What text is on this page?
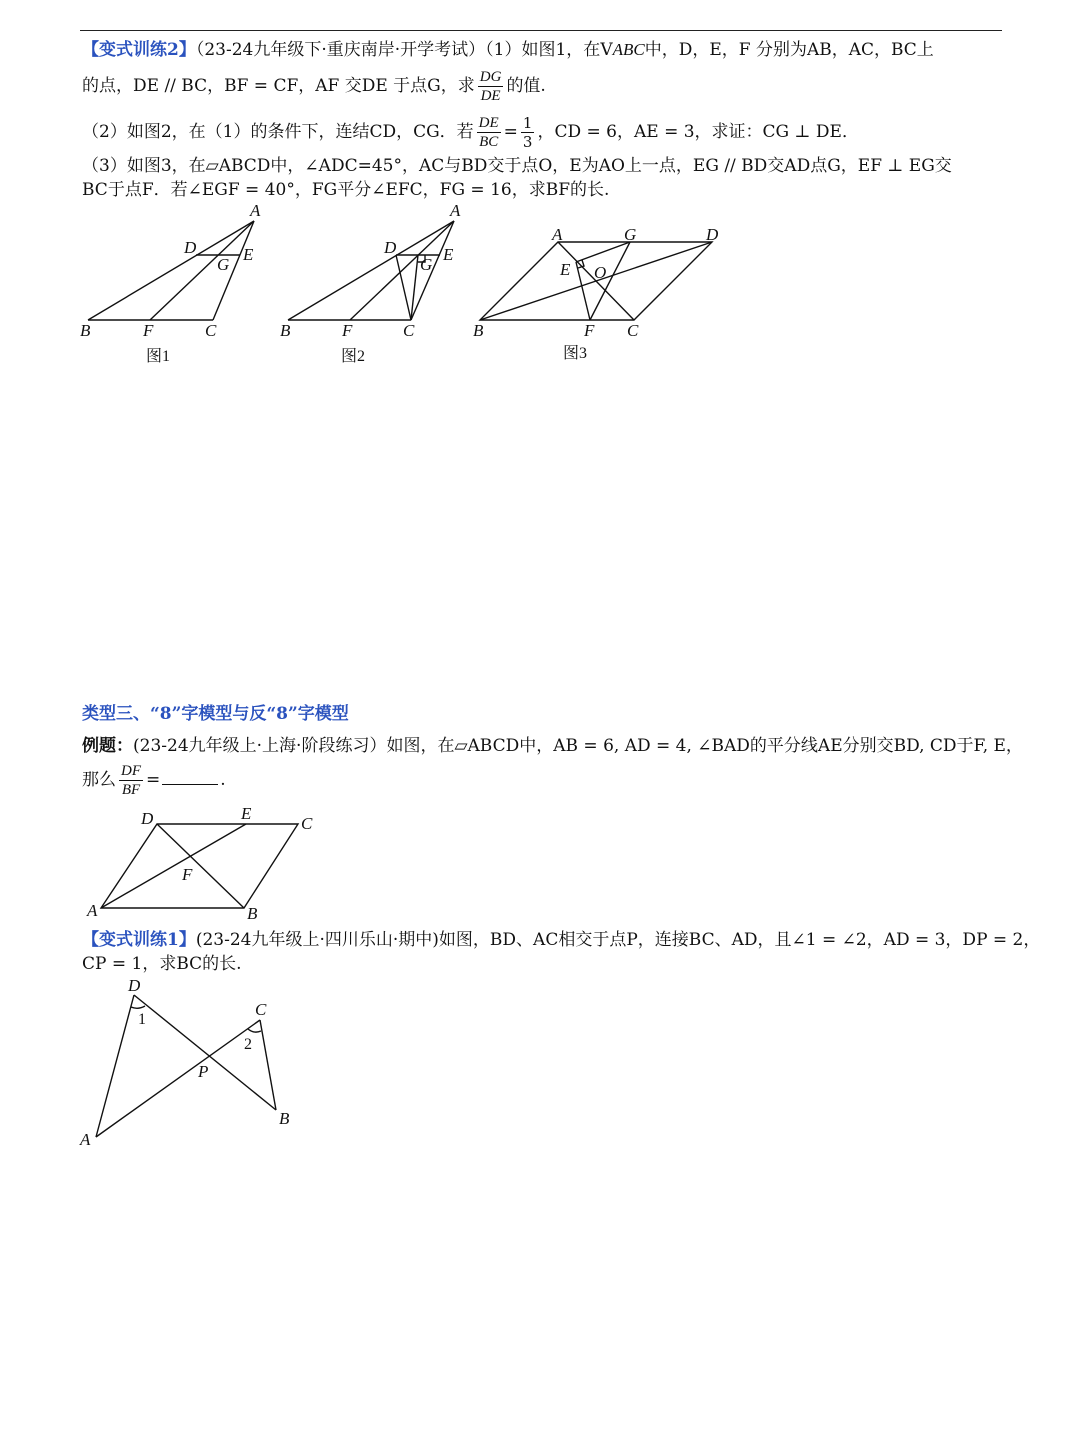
【变式训练2】（23-24九年级下·重庆南岸·开学考试）（1）如图1，在VABC中，D，E，F 分别为AB，AC，BC上
的点，DE // BC，BF = CF，AF 交DE 于点G，求 $\frac{DG}{DE}$ 的值.
（2）如图2，在（1）的条件下，连结CD，CG．若 $\frac{DE}{BC} = \frac{1}{3}$ ，CD = 6，AE = 3，求证：CG ⊥ DE．
（3）如图3，在▱ABCD中，∠ADC=45°，AC与BD交于点O，E为AO上一点，EG // BD交AD点G，EF ⊥ EG交
BC于点F．若∠EGF = 40°，FG平分∠EFC，FG = 16，求BF的长.
A
D	E
G
B	F	C
图1
A
D	E
G
B	F	C
图2
A	G	D
E O
B	F C
图3
D	E
C
F
A	B
D
1
C
2
P
B
A
类型三、“8”字模型与反“8”字模型
例题：(23-24九年级上·上海·阶段练习）如图，在▱ABCD中，AB = 6, AD = 4, ∠BAD的平分线AE分别交BD, CD于F, E，
那么 $\frac{DF}{BF}$ =	.
【变式训练1】(23-24九年级上·四川乐山·期中)如图，BD、AC相交于点P，连接BC、AD，且∠1 = ∠2，AD = 3，DP = 2，
CP = 1，求BC的长.
